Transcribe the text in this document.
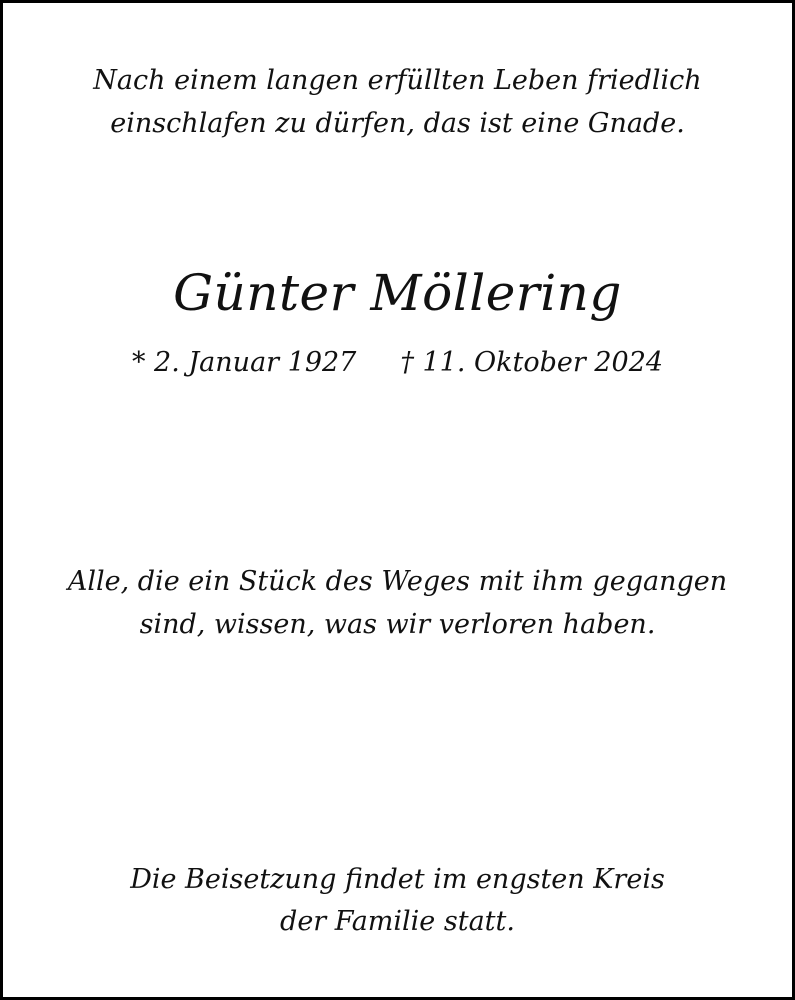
Nach einem langen erfüllten Leben friedlich
einschlafen zu dürfen, das ist eine Gnade.
Günter Möllering
* 2. Januar 1927 † 11. Oktober 2024
Alle, die ein Stück des Weges mit ihm gegangen
sind, wissen, was wir verloren haben.
Die Beisetzung findet im engsten Kreis
der Familie statt.
